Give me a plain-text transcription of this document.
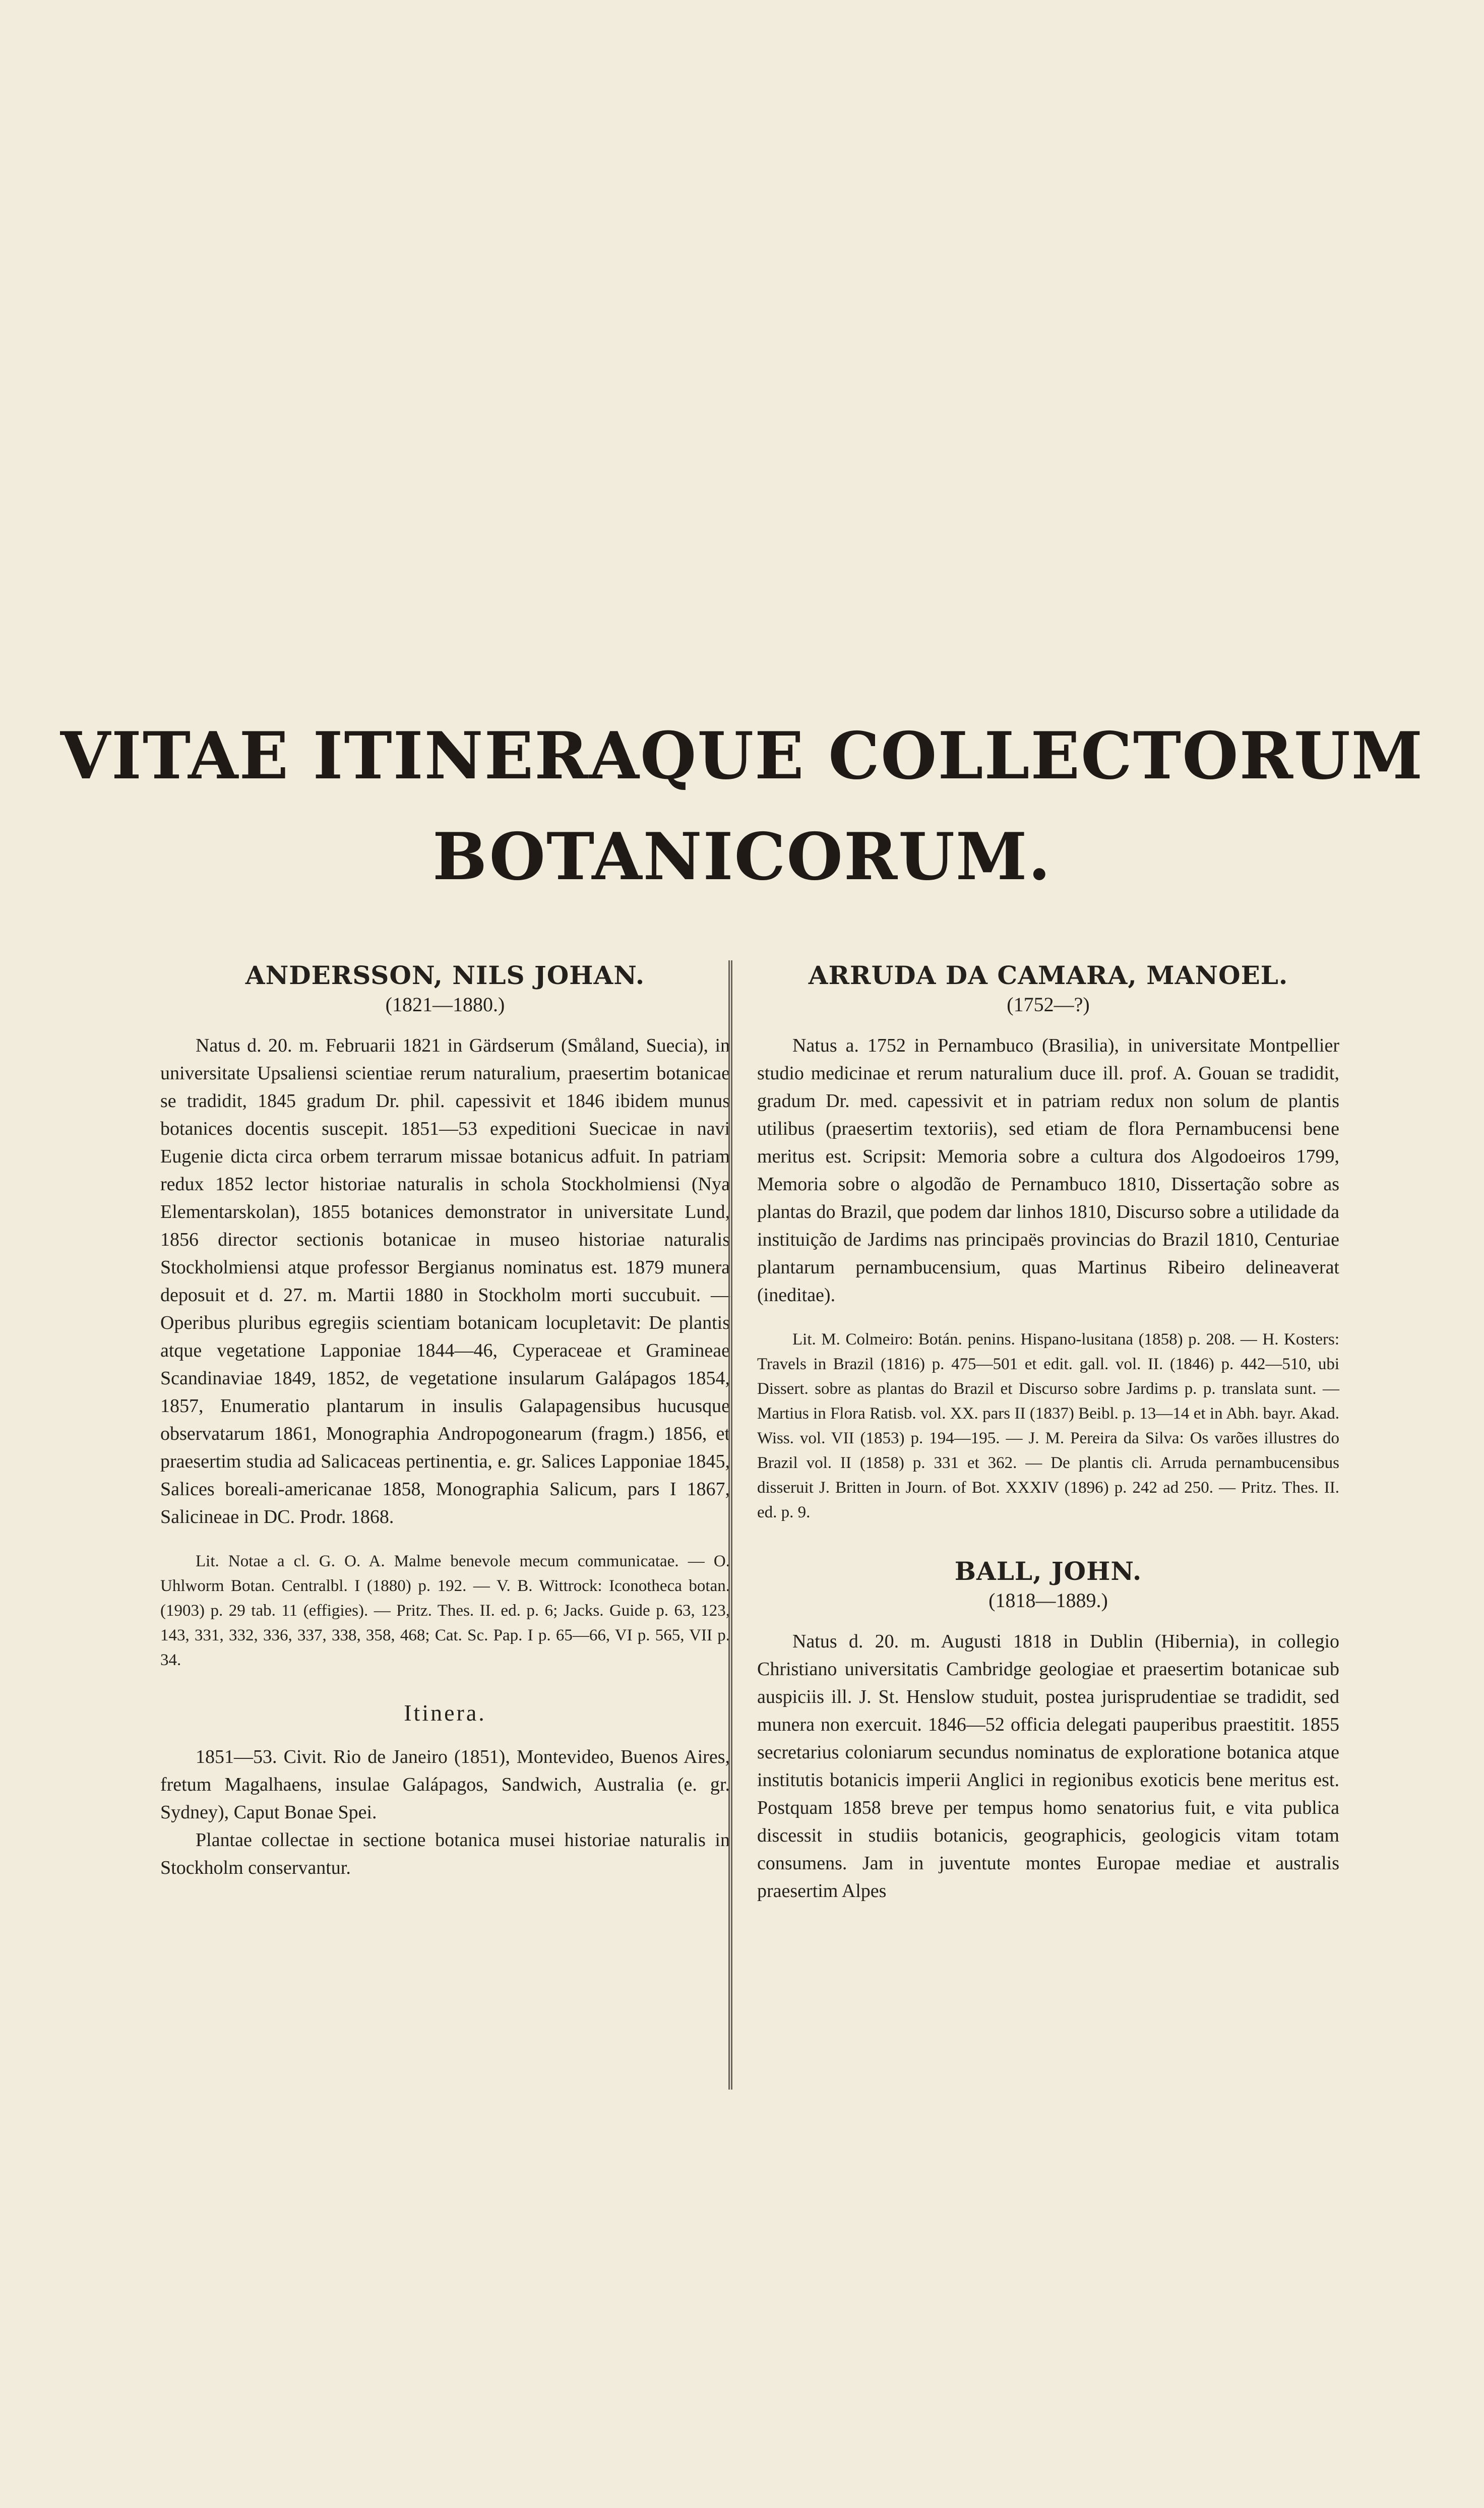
VITAE ITINERAQUE COLLECTORUM
BOTANICORUM.

ANDERSSON, NILS JOHAN.

(1821—1880.)

Natus d. 20. m. Februarii 1821 in Gärdserum (Småland, Suecia), in universitate Upsaliensi scientiae rerum naturalium, praesertim botanicae se tradidit, 1845 gradum Dr. phil. capessivit et 1846 ibidem munus botanices docentis suscepit. 1851—53 expeditioni Suecicae in navi Eugenie dicta circa orbem terrarum missae botanicus adfuit. In patriam redux 1852 lector historiae naturalis in schola Stockholmiensi (Nya Elementarskolan), 1855 botanices demonstrator in universitate Lund, 1856 director sectionis botanicae in museo historiae naturalis Stockholmiensi atque professor Bergianus nominatus est. 1879 munera deposuit et d. 27. m. Martii 1880 in Stockholm morti succubuit. — Operibus pluribus egregiis scientiam botanicam locupletavit: De plantis atque vegetatione Lapponiae 1844—46, Cyperaceae et Gramineae Scandinaviae 1849, 1852, de vegetatione insularum Galápagos 1854, 1857, Enumeratio plantarum in insulis Galapagensibus hucusque observatarum 1861, Monographia Andropogonearum (fragm.) 1856, et praesertim studia ad Salicaceas pertinentia, e. gr. Salices Lapponiae 1845, Salices boreali-americanae 1858, Monographia Salicum, pars I 1867, Salicineae in DC. Prodr. 1868.

Lit. Notae a cl. G. O. A. Malme benevole mecum communicatae. — O. Uhlworm Botan. Centralbl. I (1880) p. 192. — V. B. Wittrock: Iconotheca botan. (1903) p. 29 tab. 11 (effigies). — Pritz. Thes. II. ed. p. 6; Jacks. Guide p. 63, 123, 143, 331, 332, 336, 337, 338, 358, 468; Cat. Sc. Pap. I p. 65—66, VI p. 565, VII p. 34.

Itinera.

1851—53. Civit. Rio de Janeiro (1851), Montevideo, Buenos Aires, fretum Magalhaens, insulae Galápagos, Sandwich, Australia (e. gr. Sydney), Caput Bonae Spei.

Plantae collectae in sectione botanica musei historiae naturalis in Stockholm conservantur.

ARRUDA DA CAMARA, MANOEL.

(1752—?)

Natus a. 1752 in Pernambuco (Brasilia), in universitate Montpellier studio medicinae et rerum naturalium duce ill. prof. A. Gouan se tradidit, gradum Dr. med. capessivit et in patriam redux non solum de plantis utilibus (praesertim textoriis), sed etiam de flora Pernambucensi bene meritus est. Scripsit: Memoria sobre a cultura dos Algodoeiros 1799, Memoria sobre o algodão de Pernambuco 1810, Dissertação sobre as plantas do Brazil, que podem dar linhos 1810, Discurso sobre a utilidade da instituição de Jardims nas principaës provincias do Brazil 1810, Centuriae plantarum pernambucensium, quas Martinus Ribeiro delineaverat (ineditae).

Lit. M. Colmeiro: Botán. penins. Hispano-lusitana (1858) p. 208. — H. Kosters: Travels in Brazil (1816) p. 475—501 et edit. gall. vol. II. (1846) p. 442—510, ubi Dissert. sobre as plantas do Brazil et Discurso sobre Jardims p. p. translata sunt. — Martius in Flora Ratisb. vol. XX. pars II (1837) Beibl. p. 13—14 et in Abh. bayr. Akad. Wiss. vol. VII (1853) p. 194—195. — J. M. Pereira da Silva: Os varões illustres do Brazil vol. II (1858) p. 331 et 362. — De plantis cli. Arruda pernambucensibus disseruit J. Britten in Journ. of Bot. XXXIV (1896) p. 242 ad 250. — Pritz. Thes. II. ed. p. 9.

BALL, JOHN.

(1818—1889.)

Natus d. 20. m. Augusti 1818 in Dublin (Hibernia), in collegio Christiano universitatis Cambridge geologiae et praesertim botanicae sub auspiciis ill. J. St. Henslow studuit, postea jurisprudentiae se tradidit, sed munera non exercuit. 1846—52 officia delegati pauperibus praestitit. 1855 secretarius coloniarum secundus nominatus de exploratione botanica atque institutis botanicis imperii Anglici in regionibus exoticis bene meritus est. Postquam 1858 breve per tempus homo senatorius fuit, e vita publica discessit in studiis botanicis, geographicis, geologicis vitam totam consumens. Jam in juventute montes Europae mediae et australis praesertim Alpes
